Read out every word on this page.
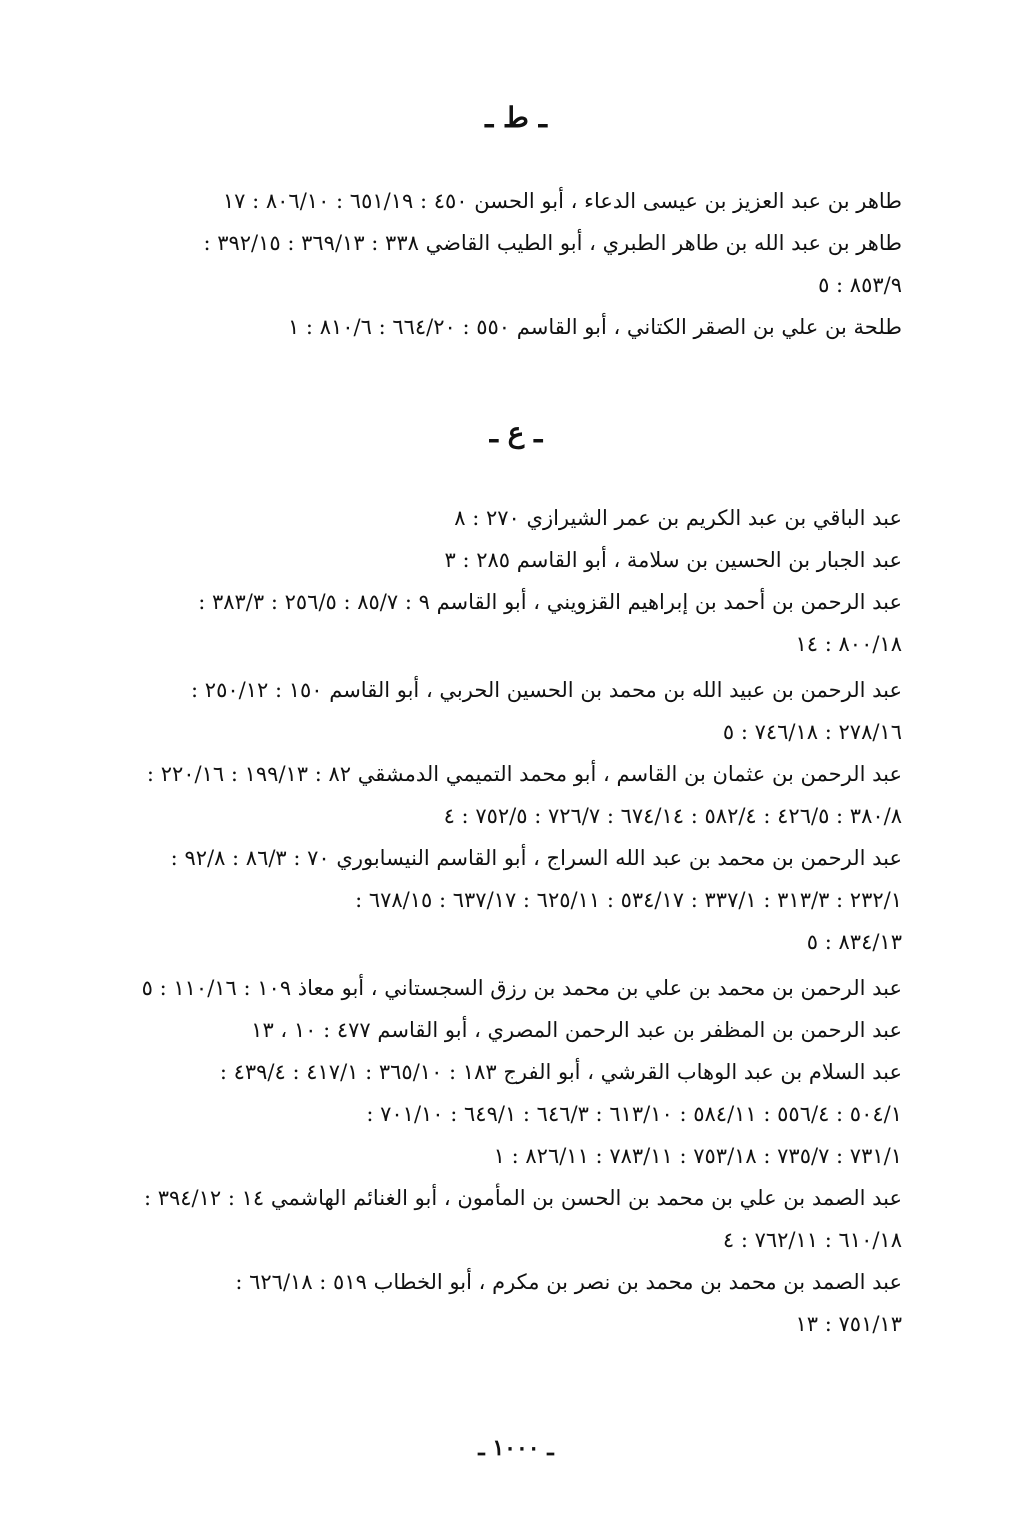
ـ ط ـ

طاهر بن عبد العزيز بن عيسى الدعاء ، أبو الحسن ٤٥٠ : ٦٥١/١٩ : ٨٠٦/١٠ : ١٧

طاهر بن عبد الله بن طاهر الطبري ، أبو الطيب القاضي ٣٣٨ : ٣٦٩/١٣ : ٣٩٢/١٥ :
٨٥٣/٩ : ٥

طلحة بن علي بن الصقر الكتاني ، أبو القاسم ٥٥٠ : ٦٦٤/٢٠ : ٨١٠/٦ : ١

ـ ع ـ

عبد الباقي بن عبد الكريم بن عمر الشيرازي ٢٧٠ : ٨

عبد الجبار بن الحسين بن سلامة ، أبو القاسم ٢٨٥ : ٣

عبد الرحمن بن أحمد بن إبراهيم القزويني ، أبو القاسم ٩ : ٨٥/٧ : ٢٥٦/٥ : ٣٨٣/٣ :
٨٠٠/١٨ : ١٤

عبد الرحمن بن عبيد الله بن محمد بن الحسين الحربي ، أبو القاسم ١٥٠ : ٢٥٠/١٢ :
٢٧٨/١٦ : ٧٤٦/١٨ : ٥

عبد الرحمن بن عثمان بن القاسم ، أبو محمد التميمي الدمشقي ٨٢ : ١٩٩/١٣ : ٢٢٠/١٦ :
٣٨٠/٨ : ٤٢٦/٥ : ٥٨٢/٤ : ٦٧٤/١٤ : ٧٢٦/٧ : ٧٥٢/٥ : ٤

عبد الرحمن بن محمد بن عبد الله السراج ، أبو القاسم النيسابوري ٧٠ : ٨٦/٣ : ٩٢/٨ :
٢٣٢/١ : ٣١٣/٣ : ٣٣٧/١ : ٥٣٤/١٧ : ٦٢٥/١١ : ٦٣٧/١٧ : ٦٧٨/١٥ :
٨٣٤/١٣ : ٥

عبد الرحمن بن محمد بن علي بن محمد بن رزق السجستاني ، أبو معاذ ١٠٩ : ١١٠/١٦ : ٥

عبد الرحمن بن المظفر بن عبد الرحمن المصري ، أبو القاسم ٤٧٧ : ١٠ ، ١٣

عبد السلام بن عبد الوهاب القرشي ، أبو الفرج ١٨٣ : ٣٦٥/١٠ : ٤١٧/١ : ٤٣٩/٤ :
٥٠٤/١ : ٥٥٦/٤ : ٥٨٤/١١ : ٦١٣/١٠ : ٦٤٦/٣ : ٦٤٩/١ : ٧٠١/١٠ :
٧٣١/١ : ٧٣٥/٧ : ٧٥٣/١٨ : ٧٨٣/١١ : ٨٢٦/١١ : ١

عبد الصمد بن علي بن محمد بن الحسن بن المأمون ، أبو الغنائم الهاشمي ١٤ : ٣٩٤/١٢ :
٦١٠/١٨ : ٧٦٢/١١ : ٤

عبد الصمد بن محمد بن محمد بن نصر بن مكرم ، أبو الخطاب ٥١٩ : ٦٢٦/١٨ :
٧٥١/١٣ : ١٣

ـ ١٠٠٠ ـ
